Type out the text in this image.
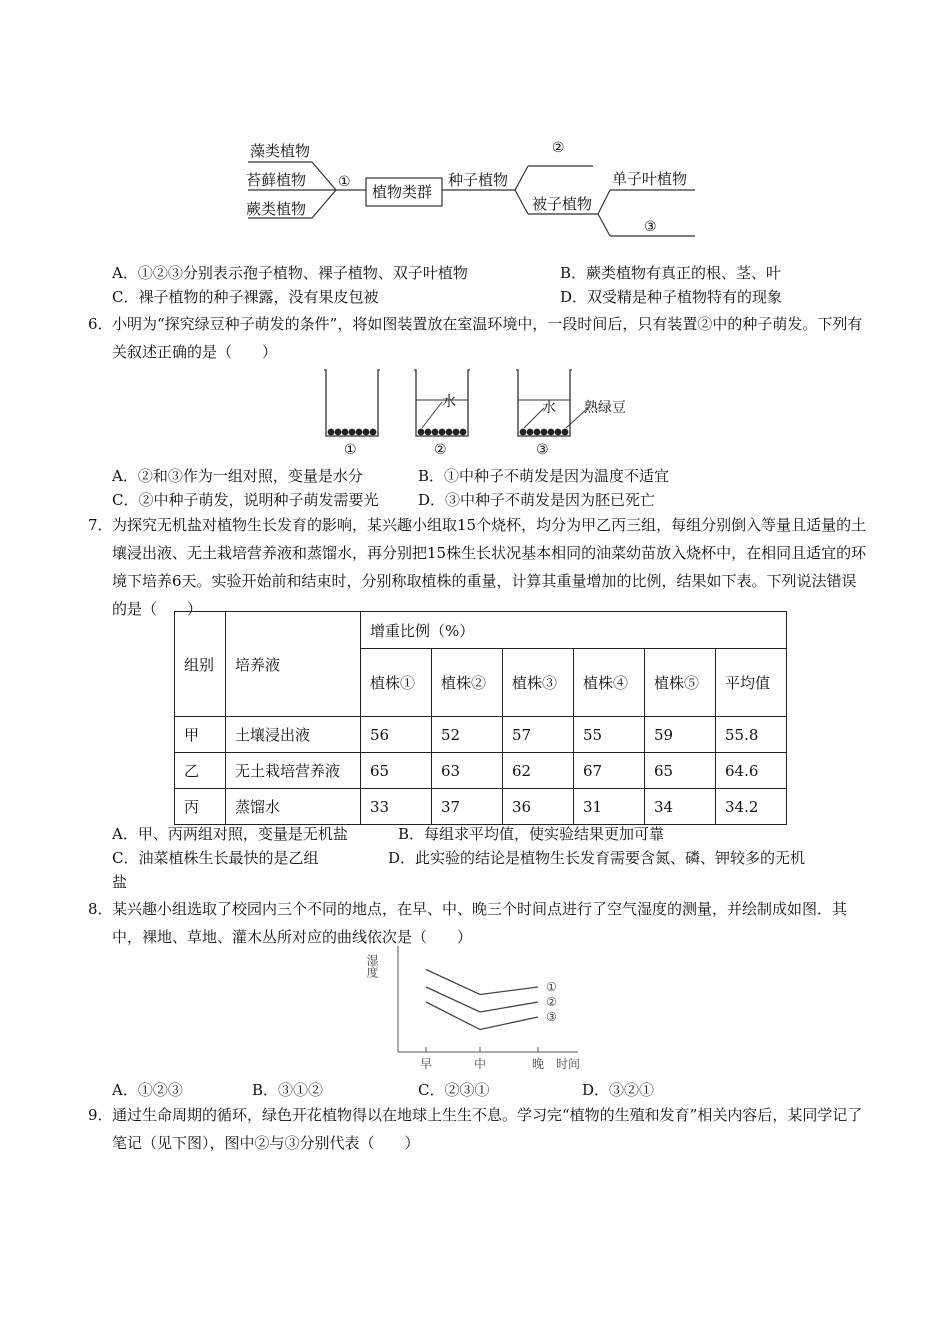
藻类植物
苔藓植物
蕨类植物
①
植物类群
种子植物
②
被子植物
单子叶植物
③
A．①②③分别表示孢子植物、裸子植物、双子叶植物	B．蕨类植物有真正的根、茎、叶
C．裸子植物的种子裸露，没有果皮包被	D．双受精是种子植物特有的现象
6． 小明为“探究绿豆种子萌发的条件”，将如图装置放在室温环境中，一段时间后，只有装置②中的种子萌发。下列有关叙述正确的是（　　）
水	水 熟绿豆
①	②	③
A．②和③作为一组对照，变量是水分	B．①中种子不萌发是因为温度不适宜
C．②中种子萌发，说明种子萌发需要光	D．③中种子不萌发是因为胚已死亡
7． 为探究无机盐对植物生长发育的影响，某兴趣小组取15个烧杯，均分为甲乙丙三组，每组分别倒入等量且适量的土壤浸出液、无土栽培营养液和蒸馏水，再分别把15株生长状况基本相同的油菜幼苗放入烧杯中，在相同且适宜的环境下培养6天。实验开始前和结束时，分别称取植株的重量，计算其重量增加的比例，结果如下表。下列说法错误的是（　　）
组别	培养液	增重比例（%）					
		植株①	植株②	植株③	植株④	植株⑤	平均值
甲	土壤浸出液	56	52	57	55	59	55.8
乙	无土栽培营养液	65	63	62	67	65	64.6
丙	蒸馏水	33	37	36	31	34	34.2
A．甲、丙两组对照，变量是无机盐	B．每组求平均值，使实验结果更加可靠
C．油菜植株生长最快的是乙组	D．此实验的结论是植物生长发育需要含氮、磷、钾较多的无机
盐
8． 某兴趣小组选取了校园内三个不同的地点，在早、中、晚三个时间点进行了空气湿度的测量，并绘制成如图．其中，裸地、草地、灌木丛所对应的曲线依次是（　　）
湿度
早	中	晚 时间
①
②
③
A．①②③	B．③①②	C．②③①	D．③②①
9． 通过生命周期的循环，绿色开花植物得以在地球上生生不息。学习完“植物的生殖和发育”相关内容后，某同学记了笔记（见下图），图中②与③分别代表（　　）
